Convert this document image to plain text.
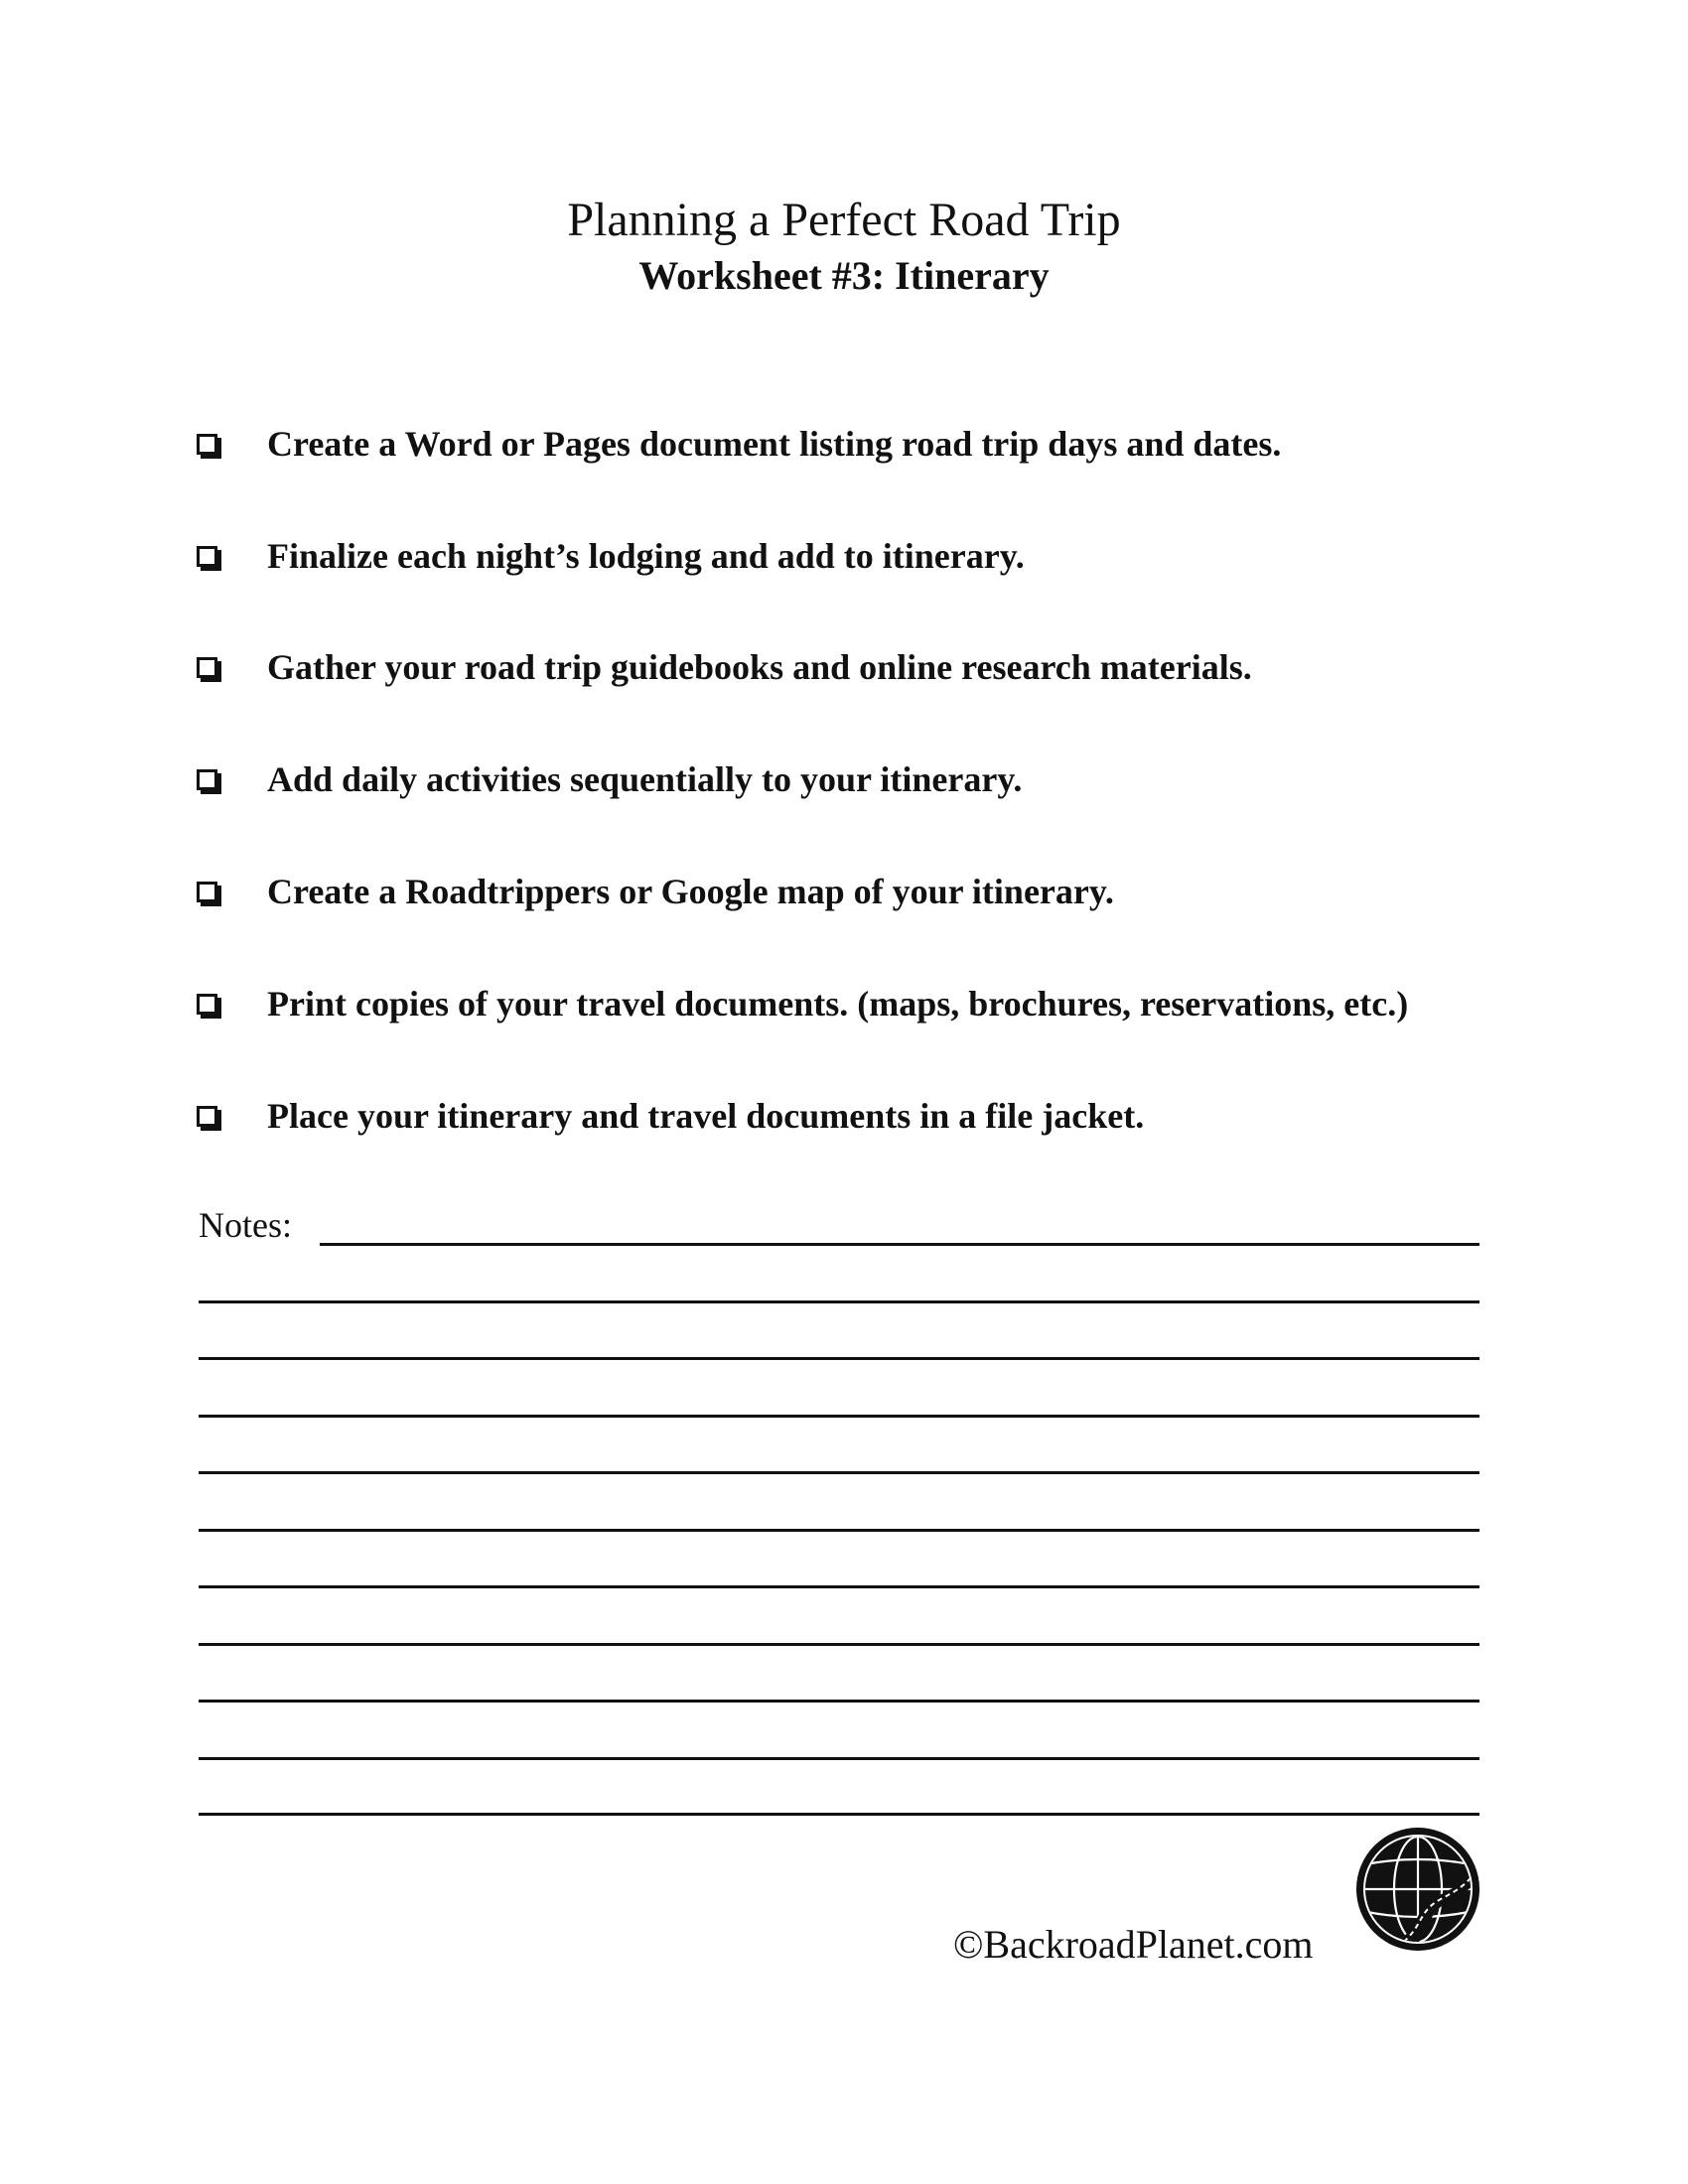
Planning a Perfect Road Trip
Worksheet #3: Itinerary
Create a Word or Pages document listing road trip days and dates.
Finalize each night’s lodging and add to itinerary.
Gather your road trip guidebooks and online research materials.
Add daily activities sequentially to your itinerary.
Create a Roadtrippers or Google map of your itinerary.
Print copies of your travel documents. (maps, brochures, reservations, etc.)
Place your itinerary and travel documents in a file jacket.
Notes:
©BackroadPlanet.com
